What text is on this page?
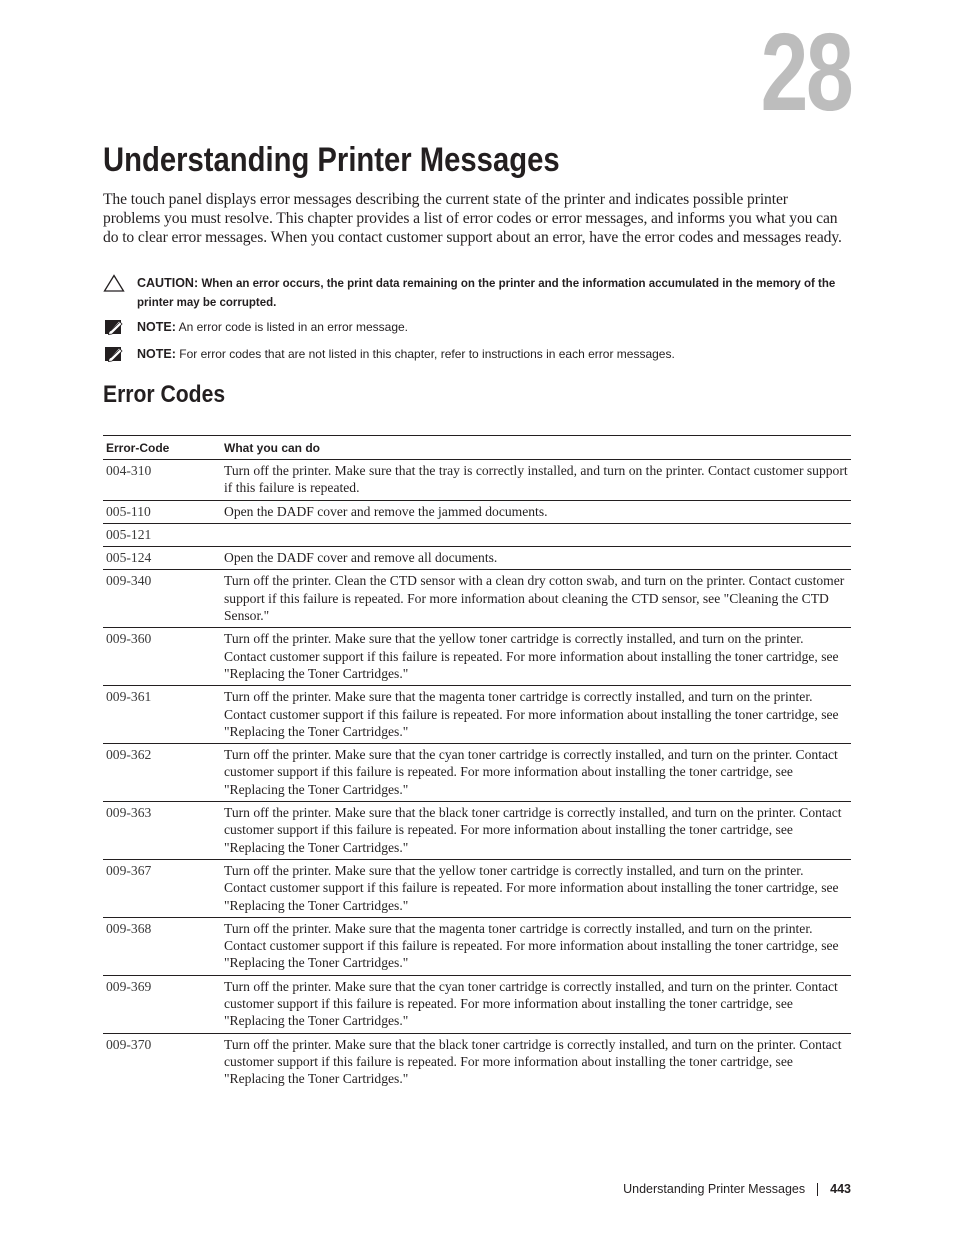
28
Understanding Printer Messages

The touch panel displays error messages describing the current state of the printer and indicates possible printer problems you must resolve. This chapter provides a list of error codes or error messages, and informs you what you can do to clear error messages. When you contact customer support about an error, have the error codes and messages ready.

CAUTION: When an error occurs, the print data remaining on the printer and the information accumulated in the memory of the printer may be corrupted.
NOTE: An error code is listed in an error message.
NOTE: For error codes that are not listed in this chapter, refer to instructions in each error messages.
Error Codes
Error-Code	What you can do
004-310	Turn off the printer. Make sure that the tray is correctly installed, and turn on the printer. Contact customer support if this failure is repeated.
005-110	Open the DADF cover and remove the jammed documents.
005-121	
005-124	Open the DADF cover and remove all documents.
009-340	Turn off the printer. Clean the CTD sensor with a clean dry cotton swab, and turn on the printer. Contact customer support if this failure is repeated. For more information about cleaning the CTD sensor, see "Cleaning the CTD Sensor."
009-360	Turn off the printer. Make sure that the yellow toner cartridge is correctly installed, and turn on the printer. Contact customer support if this failure is repeated. For more information about installing the toner cartridge, see "Replacing the Toner Cartridges."
009-361	Turn off the printer. Make sure that the magenta toner cartridge is correctly installed, and turn on the printer. Contact customer support if this failure is repeated. For more information about installing the toner cartridge, see "Replacing the Toner Cartridges."
009-362	Turn off the printer. Make sure that the cyan toner cartridge is correctly installed, and turn on the printer. Contact customer support if this failure is repeated. For more information about installing the toner cartridge, see "Replacing the Toner Cartridges."
009-363	Turn off the printer. Make sure that the black toner cartridge is correctly installed, and turn on the printer. Contact customer support if this failure is repeated. For more information about installing the toner cartridge, see "Replacing the Toner Cartridges."
009-367	Turn off the printer. Make sure that the yellow toner cartridge is correctly installed, and turn on the printer. Contact customer support if this failure is repeated. For more information about installing the toner cartridge, see "Replacing the Toner Cartridges."
009-368	Turn off the printer. Make sure that the magenta toner cartridge is correctly installed, and turn on the printer. Contact customer support if this failure is repeated. For more information about installing the toner cartridge, see "Replacing the Toner Cartridges."
009-369	Turn off the printer. Make sure that the cyan toner cartridge is correctly installed, and turn on the printer. Contact customer support if this failure is repeated. For more information about installing the toner cartridge, see "Replacing the Toner Cartridges."
009-370	Turn off the printer. Make sure that the black toner cartridge is correctly installed, and turn on the printer. Contact customer support if this failure is repeated. For more information about installing the toner cartridge, see "Replacing the Toner Cartridges."
Understanding Printer Messages 443
